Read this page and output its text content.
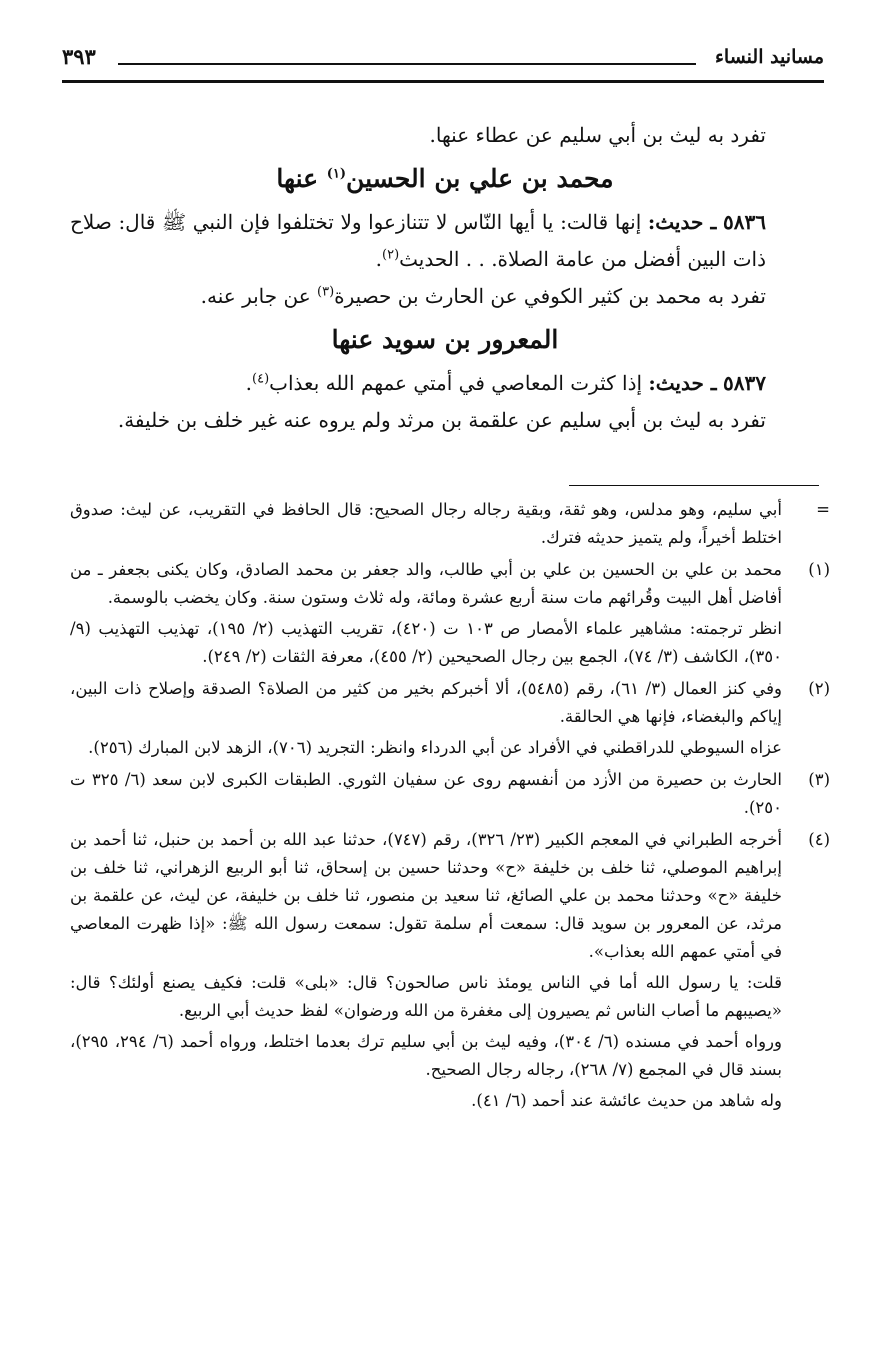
مسانيد النساء
٣٩٣

تفرد به ليث بن أبي سليم عن عطاء عنها.

محمد بن علي بن الحسين$^{(١)}$ عنها

٥٨٣٦ ـ حديث: إنها قالت: يا أيها النّاس لا تتنازعوا ولا تختلفوا فإن النبي ﷺ قال: صلاح ذات البين أفضل من عامة الصلاة. . . الحديث$^{(٢)}$.

تفرد به محمد بن كثير الكوفي عن الحارث بن حصيرة$^{(٣)}$ عن جابر عنه.

المعرور بن سويد عنها

٥٨٣٧ ـ حديث: إذا كثرت المعاصي في أمتي عمهم الله بعذاب$^{(٤)}$.

تفرد به ليث بن أبي سليم عن علقمة بن مرثد ولم يروه عنه غير خلف بن خليفة.

=

أبي سليم، وهو مدلس، وهو ثقة، وبقية رجاله رجال الصحيح: قال الحافظ في التقريب، عن ليث: صدوق اختلط أخيراً، ولم يتميز حديثه فترك.

(١)

محمد بن علي بن الحسين بن علي بن أبي طالب، والد جعفر بن محمد الصادق، وكان يكنى بجعفر ـ من أفاضل أهل البيت وقُرائهم مات سنة أربع عشرة ومائة، وله ثلاث وستون سنة. وكان يخضب بالوسمة.

انظر ترجمته: مشاهير علماء الأمصار ص ١٠٣ ت (٤٢٠)، تقريب التهذيب (٢/ ١٩٥)، تهذيب التهذيب (٩/ ٣٥٠)، الكاشف (٣/ ٧٤)، الجمع بين رجال الصحيحين (٢/ ٤٥٥)، معرفة الثقات (٢/ ٢٤٩).

(٢)

وفي كنز العمال (٣/ ٦١)، رقم (٥٤٨٥)، ألا أخبركم بخير من كثير من الصلاة؟ الصدقة وإصلاح ذات البين، إياكم والبغضاء، فإنها هي الحالقة.

عزاه السيوطي للدراقطني في الأفراد عن أبي الدرداء وانظر: التجريد (٧٠٦)، الزهد لابن المبارك (٢٥٦).

(٣)

الحارث بن حصيرة من الأزد من أنفسهم روى عن سفيان الثوري. الطبقات الكبرى لابن سعد (٦/ ٣٢٥ ت ٢٥٠).

(٤)

أخرجه الطبراني في المعجم الكبير (٢٣/ ٣٢٦)، رقم (٧٤٧)، حدثنا عبد الله بن أحمد بن حنبل، ثنا أحمد بن إبراهيم الموصلي، ثنا خلف بن خليفة «ح» وحدثنا حسين بن إسحاق، ثنا أبو الربيع الزهراني، ثنا خلف بن خليفة «ح» وحدثنا محمد بن علي الصائغ، ثنا سعيد بن منصور، ثنا خلف بن خليفة، عن ليث، عن علقمة بن مرثد، عن المعرور بن سويد قال: سمعت أم سلمة تقول: سمعت رسول الله ﷺ: «إذا ظهرت المعاصي في أمتي عمهم الله بعذاب».

قلت: يا رسول الله أما في الناس يومئذ ناس صالحون؟ قال: «بلى» قلت: فكيف يصنع أولئك؟ قال: «يصيبهم ما أصاب الناس ثم يصيرون إلى مغفرة من الله ورضوان» لفظ حديث أبي الربيع.

ورواه أحمد في مسنده (٦/ ٣٠٤)، وفيه ليث بن أبي سليم ترك بعدما اختلط، ورواه أحمد (٦/ ٢٩٤، ٢٩٥)، بسند قال في المجمع (٧/ ٢٦٨)، رجاله رجال الصحيح.

وله شاهد من حديث عائشة عند أحمد (٦/ ٤١).
